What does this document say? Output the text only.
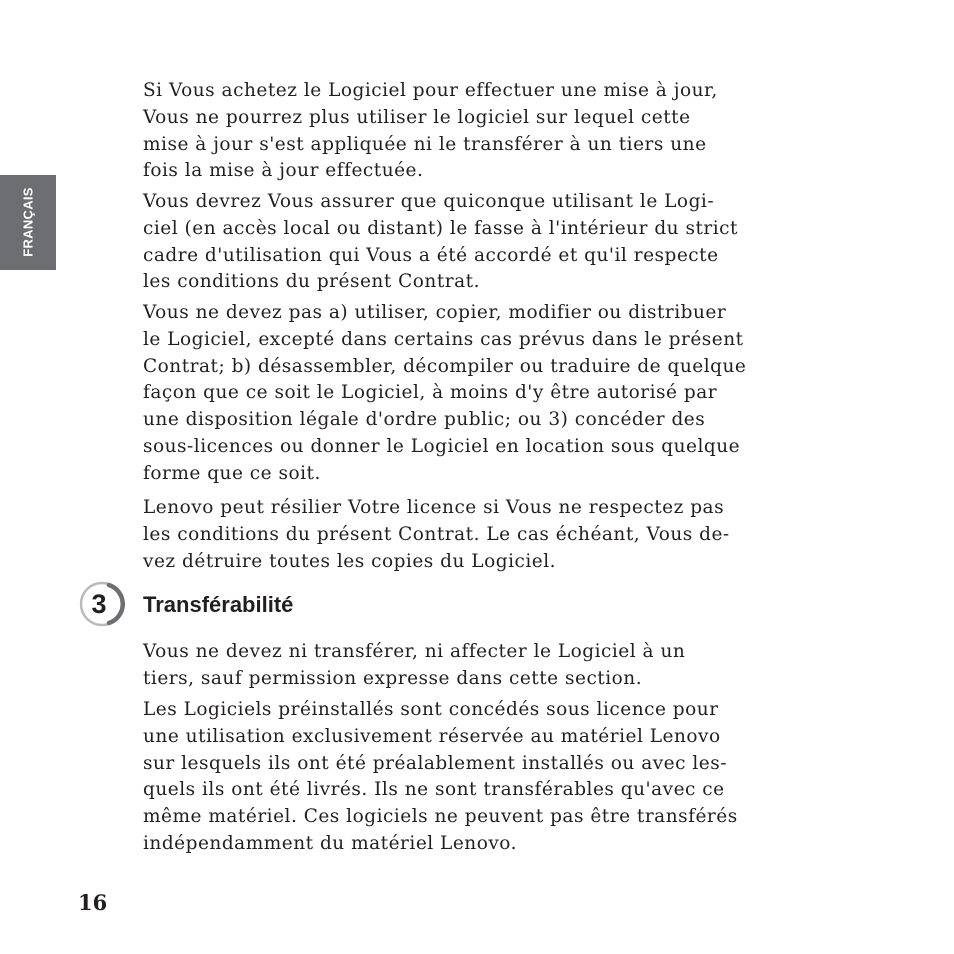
FRANÇAIS

Si Vous achetez le Logiciel pour effectuer une mise à jour,
Vous ne pourrez plus utiliser le logiciel sur lequel cette
mise à jour s'est appliquée ni le transférer à un tiers une
fois la mise à jour effectuée.

Vous devrez Vous assurer que quiconque utilisant le Logi-
ciel (en accès local ou distant) le fasse à l'intérieur du strict
cadre d'utilisation qui Vous a été accordé et qu'il respecte
les conditions du présent Contrat.

Vous ne devez pas a) utiliser, copier, modifier ou distribuer
le Logiciel, excepté dans certains cas prévus dans le présent
Contrat; b) désassembler, décompiler ou traduire de quelque
façon que ce soit le Logiciel, à moins d'y être autorisé par
une disposition légale d'ordre public; ou 3) concéder des
sous-licences ou donner le Logiciel en location sous quelque
forme que ce soit.

Lenovo peut résilier Votre licence si Vous ne respectez pas
les conditions du présent Contrat. Le cas échéant, Vous de-
vez détruire toutes les copies du Logiciel.

3	Transférabilité

Vous ne devez ni transférer, ni affecter le Logiciel à un
tiers, sauf permission expresse dans cette section.

Les Logiciels préinstallés sont concédés sous licence pour
une utilisation exclusivement réservée au matériel Lenovo
sur lesquels ils ont été préalablement installés ou avec les-
quels ils ont été livrés. Ils ne sont transférables qu'avec ce
même matériel. Ces logiciels ne peuvent pas être transférés
indépendamment du matériel Lenovo.

16
